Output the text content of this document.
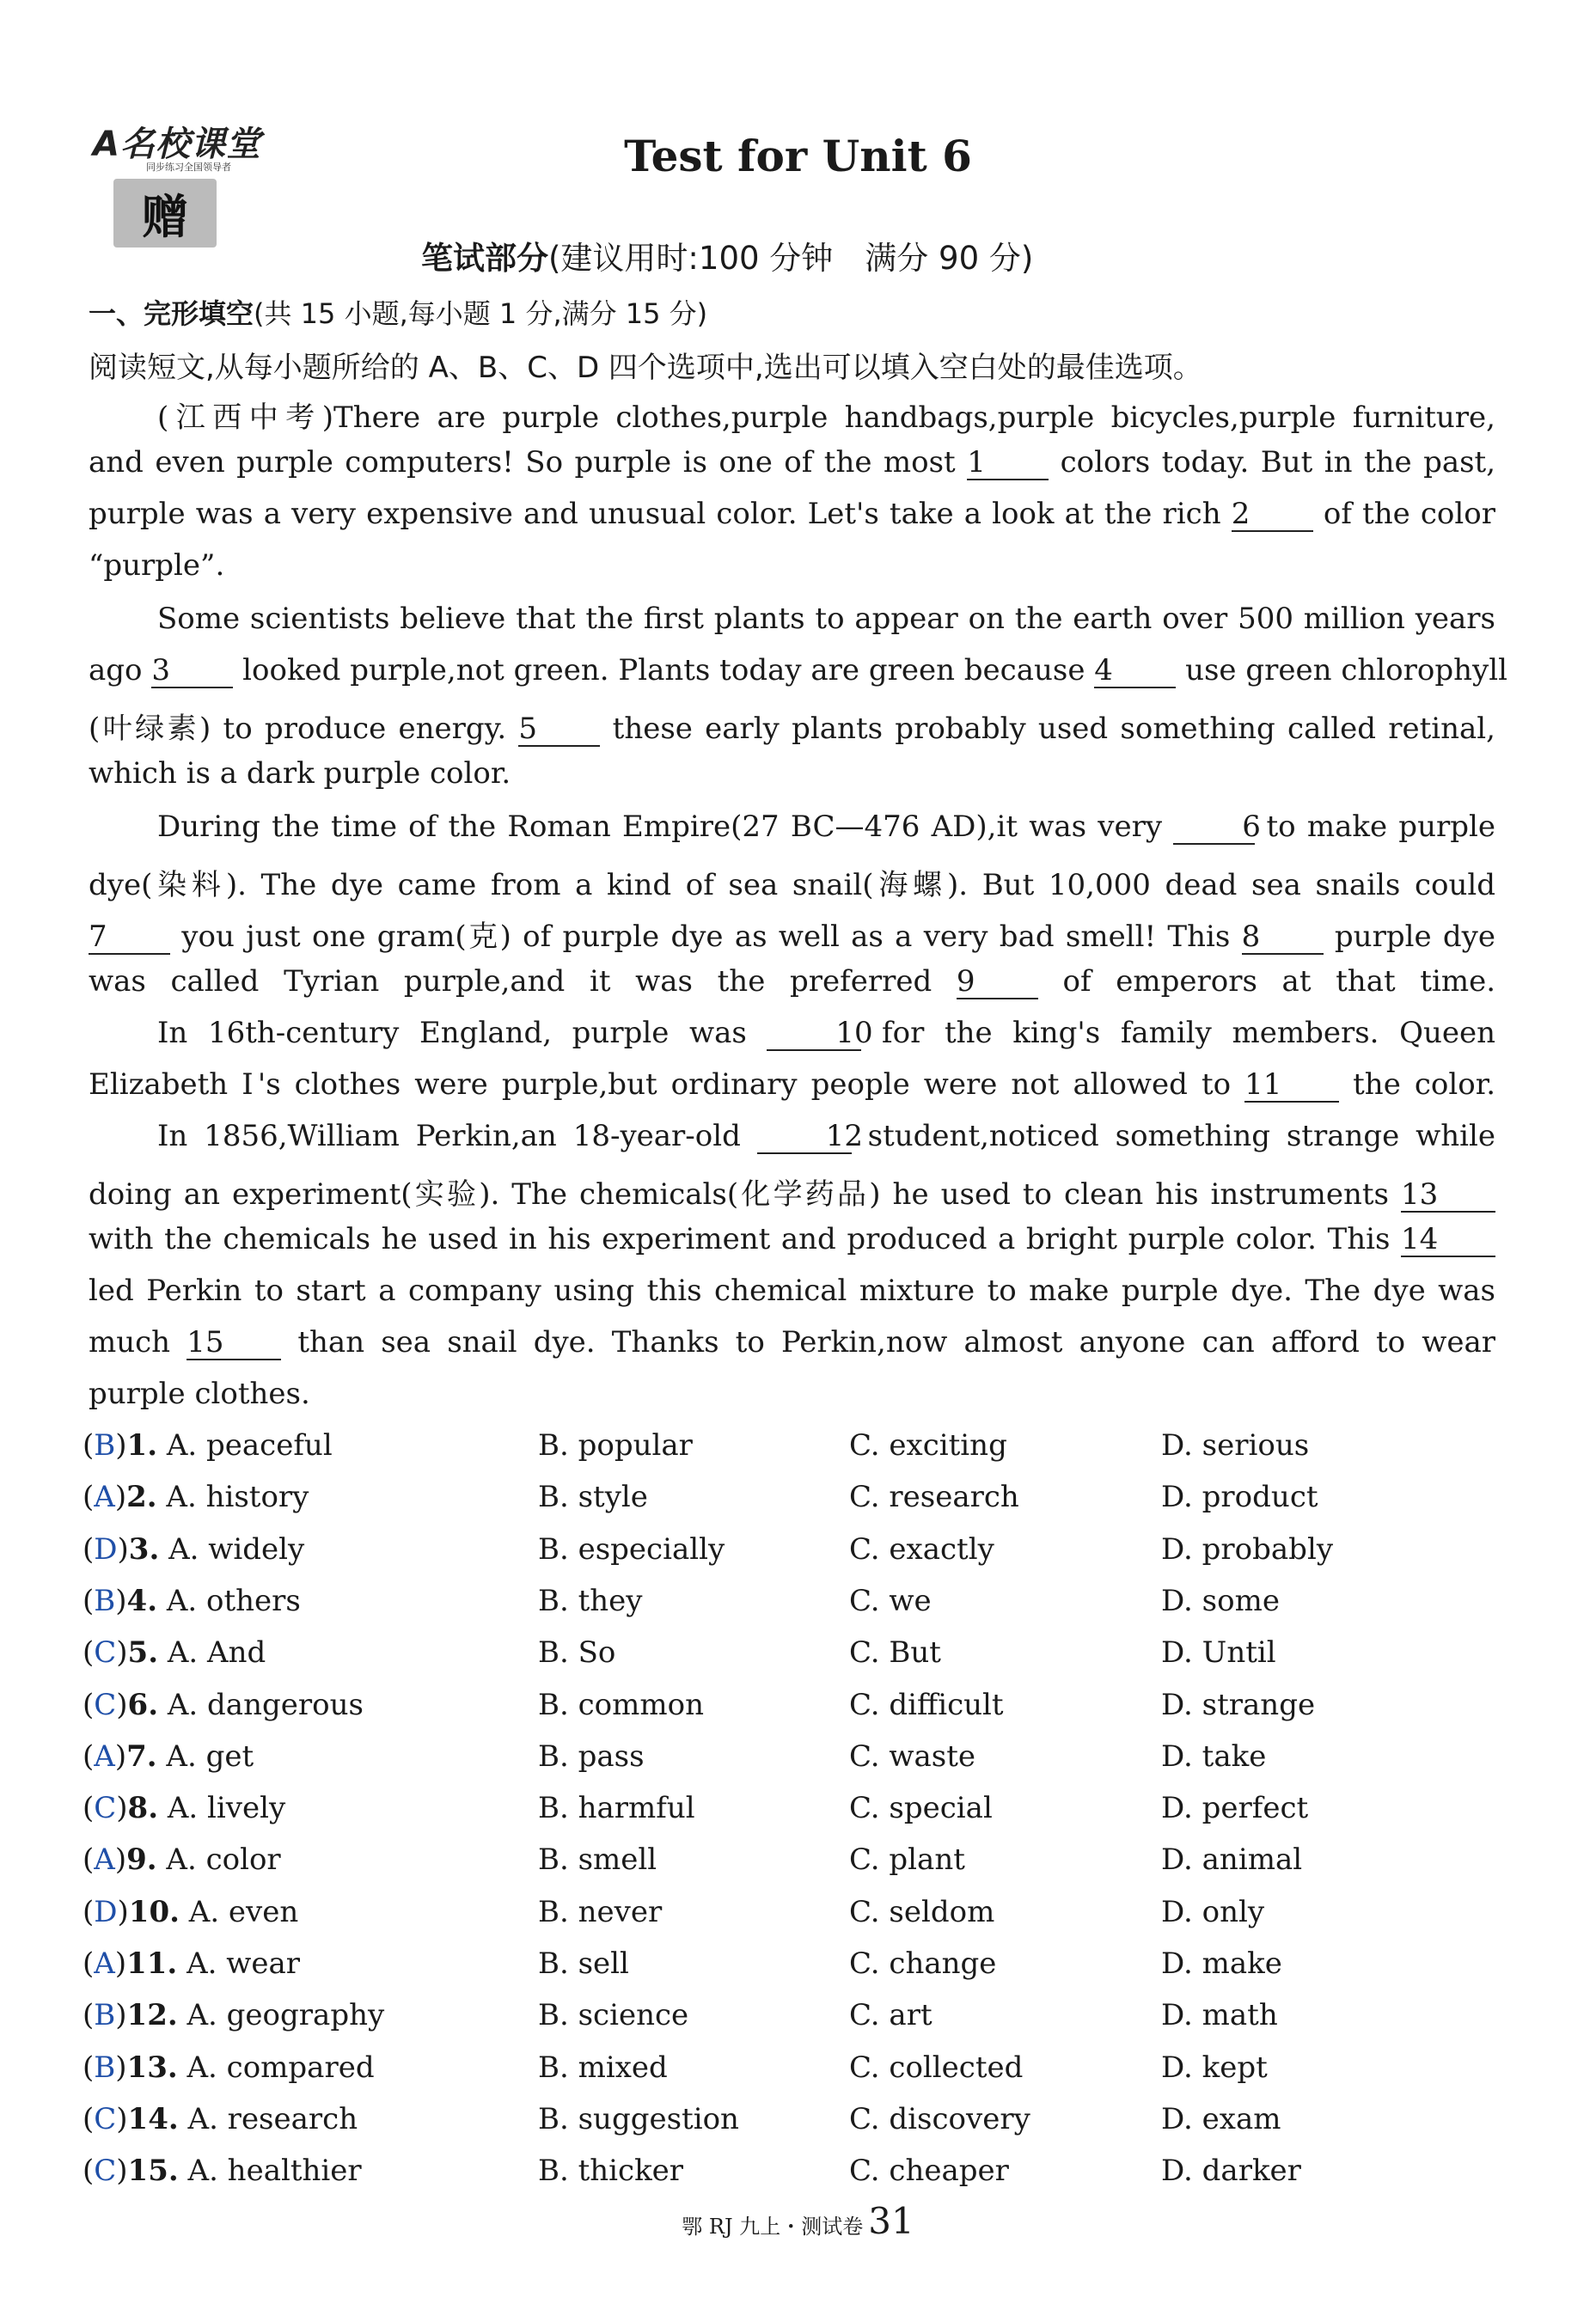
A名校课堂
同步练习全国领导者
赠
Test for Unit 6
笔试部分(建议用时:100 分钟　满分 90 分)
一、完形填空(共 15 小题,每小题 1 分,满分 15 分)
阅读短文,从每小题所给的 A、B、C、D 四个选项中,选出可以填入空白处的最佳选项。
(江西中考)There are purple clothes,purple handbags,purple bicycles,purple furniture,
and even purple computers! So purple is one of the most 1	colors today. But in the past,
purple was a very expensive and unusual color. Let's take a look at the rich 2	of the color
“purple”.
Some scientists believe that the first plants to appear on the earth over 500 million years
ago 3 looked purple,not green. Plants today are green because 4 use green chlorophyll
(叶绿素) to produce energy. 5	these early plants probably used something called retinal,
which is a dark purple color.
During the time of the Roman Empire(27 BC—476 AD),it was very	6 to make purple
dye(染料). The dye came from a kind of sea snail(海螺). But 10,000 dead sea snails could
7	you just one gram(克) of purple dye as well as a very bad smell! This 8	purple dye
was called Tyrian purple,and it was the preferred 9	of emperors at that time.
In 16th-century England, purple was	10 for the king's family members. Queen
Elizabeth Ⅰ's clothes were purple,but ordinary people were not allowed to 11 the color.
In 1856,William Perkin,an 18-year-old	12 student,noticed something strange while
doing an experiment(实验). The chemicals(化学药品) he used to clean his instruments 13
with the chemicals he used in his experiment and produced a bright purple color. This 14
led Perkin to start a company using this chemical mixture to make purple dye. The dye was
much 15	than sea snail dye. Thanks to Perkin,now almost anyone can afford to wear
purple clothes.
(B)1. A. peaceful	B. popular	C. exciting	D. serious
(A)2. A. history	B. style	C. research	D. product
(D)3. A. widely	B. especially	C. exactly	D. probably
(B)4. A. others	B. they	C. we	D. some
(C)5. A. And	B. So	C. But	D. Until
(C)6. A. dangerous	B. common	C. difficult	D. strange
(A)7. A. get	B. pass	C. waste	D. take
(C)8. A. lively	B. harmful	C. special	D. perfect
(A)9. A. color	B. smell	C. plant	D. animal
(D)10. A. even	B. never	C. seldom	D. only
(A)11. A. wear	B. sell	C. change	D. make
(B)12. A. geography	B. science	C. art	D. math
(B)13. A. compared	B. mixed	C. collected	D. kept
(C)14. A. research	B. suggestion	C. discovery	D. exam
(C)15. A. healthier	B. thicker	C. cheaper	D. darker
鄂 RJ 九上・测试卷 31
